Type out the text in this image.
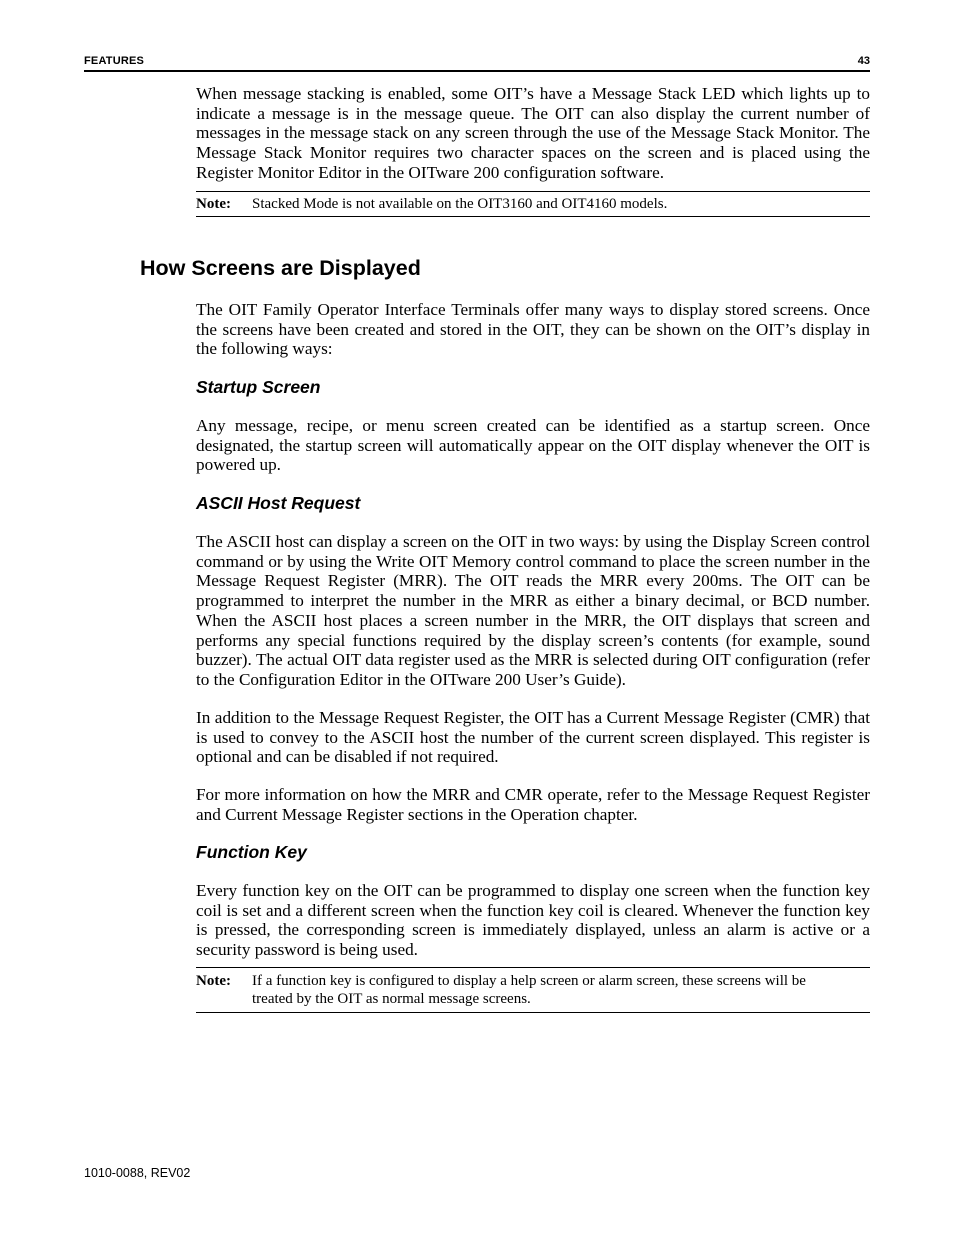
FEATURES	43

When message stacking is enabled, some OIT’s have a Message Stack LED which lights up to indicate a message is in the message queue. The OIT can also display the current number of messages in the message stack on any screen through the use of the Message Stack Monitor. The Message Stack Monitor requires two character spaces on the screen and is placed using the Register Monitor Editor in the OITware 200 configuration software.

Note: Stacked Mode is not available on the OIT3160 and OIT4160 models.
How Screens are Displayed

The OIT Family Operator Interface Terminals offer many ways to display stored screens. Once the screens have been created and stored in the OIT, they can be shown on the OIT’s display in the following ways:

Startup Screen

Any message, recipe, or menu screen created can be identified as a startup screen. Once designated, the startup screen will automatically appear on the OIT display whenever the OIT is powered up.

ASCII Host Request

The ASCII host can display a screen on the OIT in two ways: by using the Display Screen control command or by using the Write OIT Memory control command to place the screen number in the Message Request Register (MRR). The OIT reads the MRR every 200ms. The OIT can be programmed to interpret the number in the MRR as either a binary decimal, or BCD number. When the ASCII host places a screen number in the MRR, the OIT displays that screen and performs any special functions required by the display screen’s contents (for example, sound buzzer). The actual OIT data register used as the MRR is selected during OIT configuration (refer to the Configuration Editor in the OITware 200 User’s Guide).

In addition to the Message Request Register, the OIT has a Current Message Register (CMR) that is used to convey to the ASCII host the number of the current screen displayed. This register is optional and can be disabled if not required.

For more information on how the MRR and CMR operate, refer to the Message Request Register and Current Message Register sections in the Operation chapter.

Function Key

Every function key on the OIT can be programmed to display one screen when the function key coil is set and a different screen when the function key coil is cleared. Whenever the function key is pressed, the corresponding screen is immediately displayed, unless an alarm is active or a security password is being used.

Note: If a function key is configured to display a help screen or alarm screen, these screens will be treated by the OIT as normal message screens.
1010-0088, REV02
